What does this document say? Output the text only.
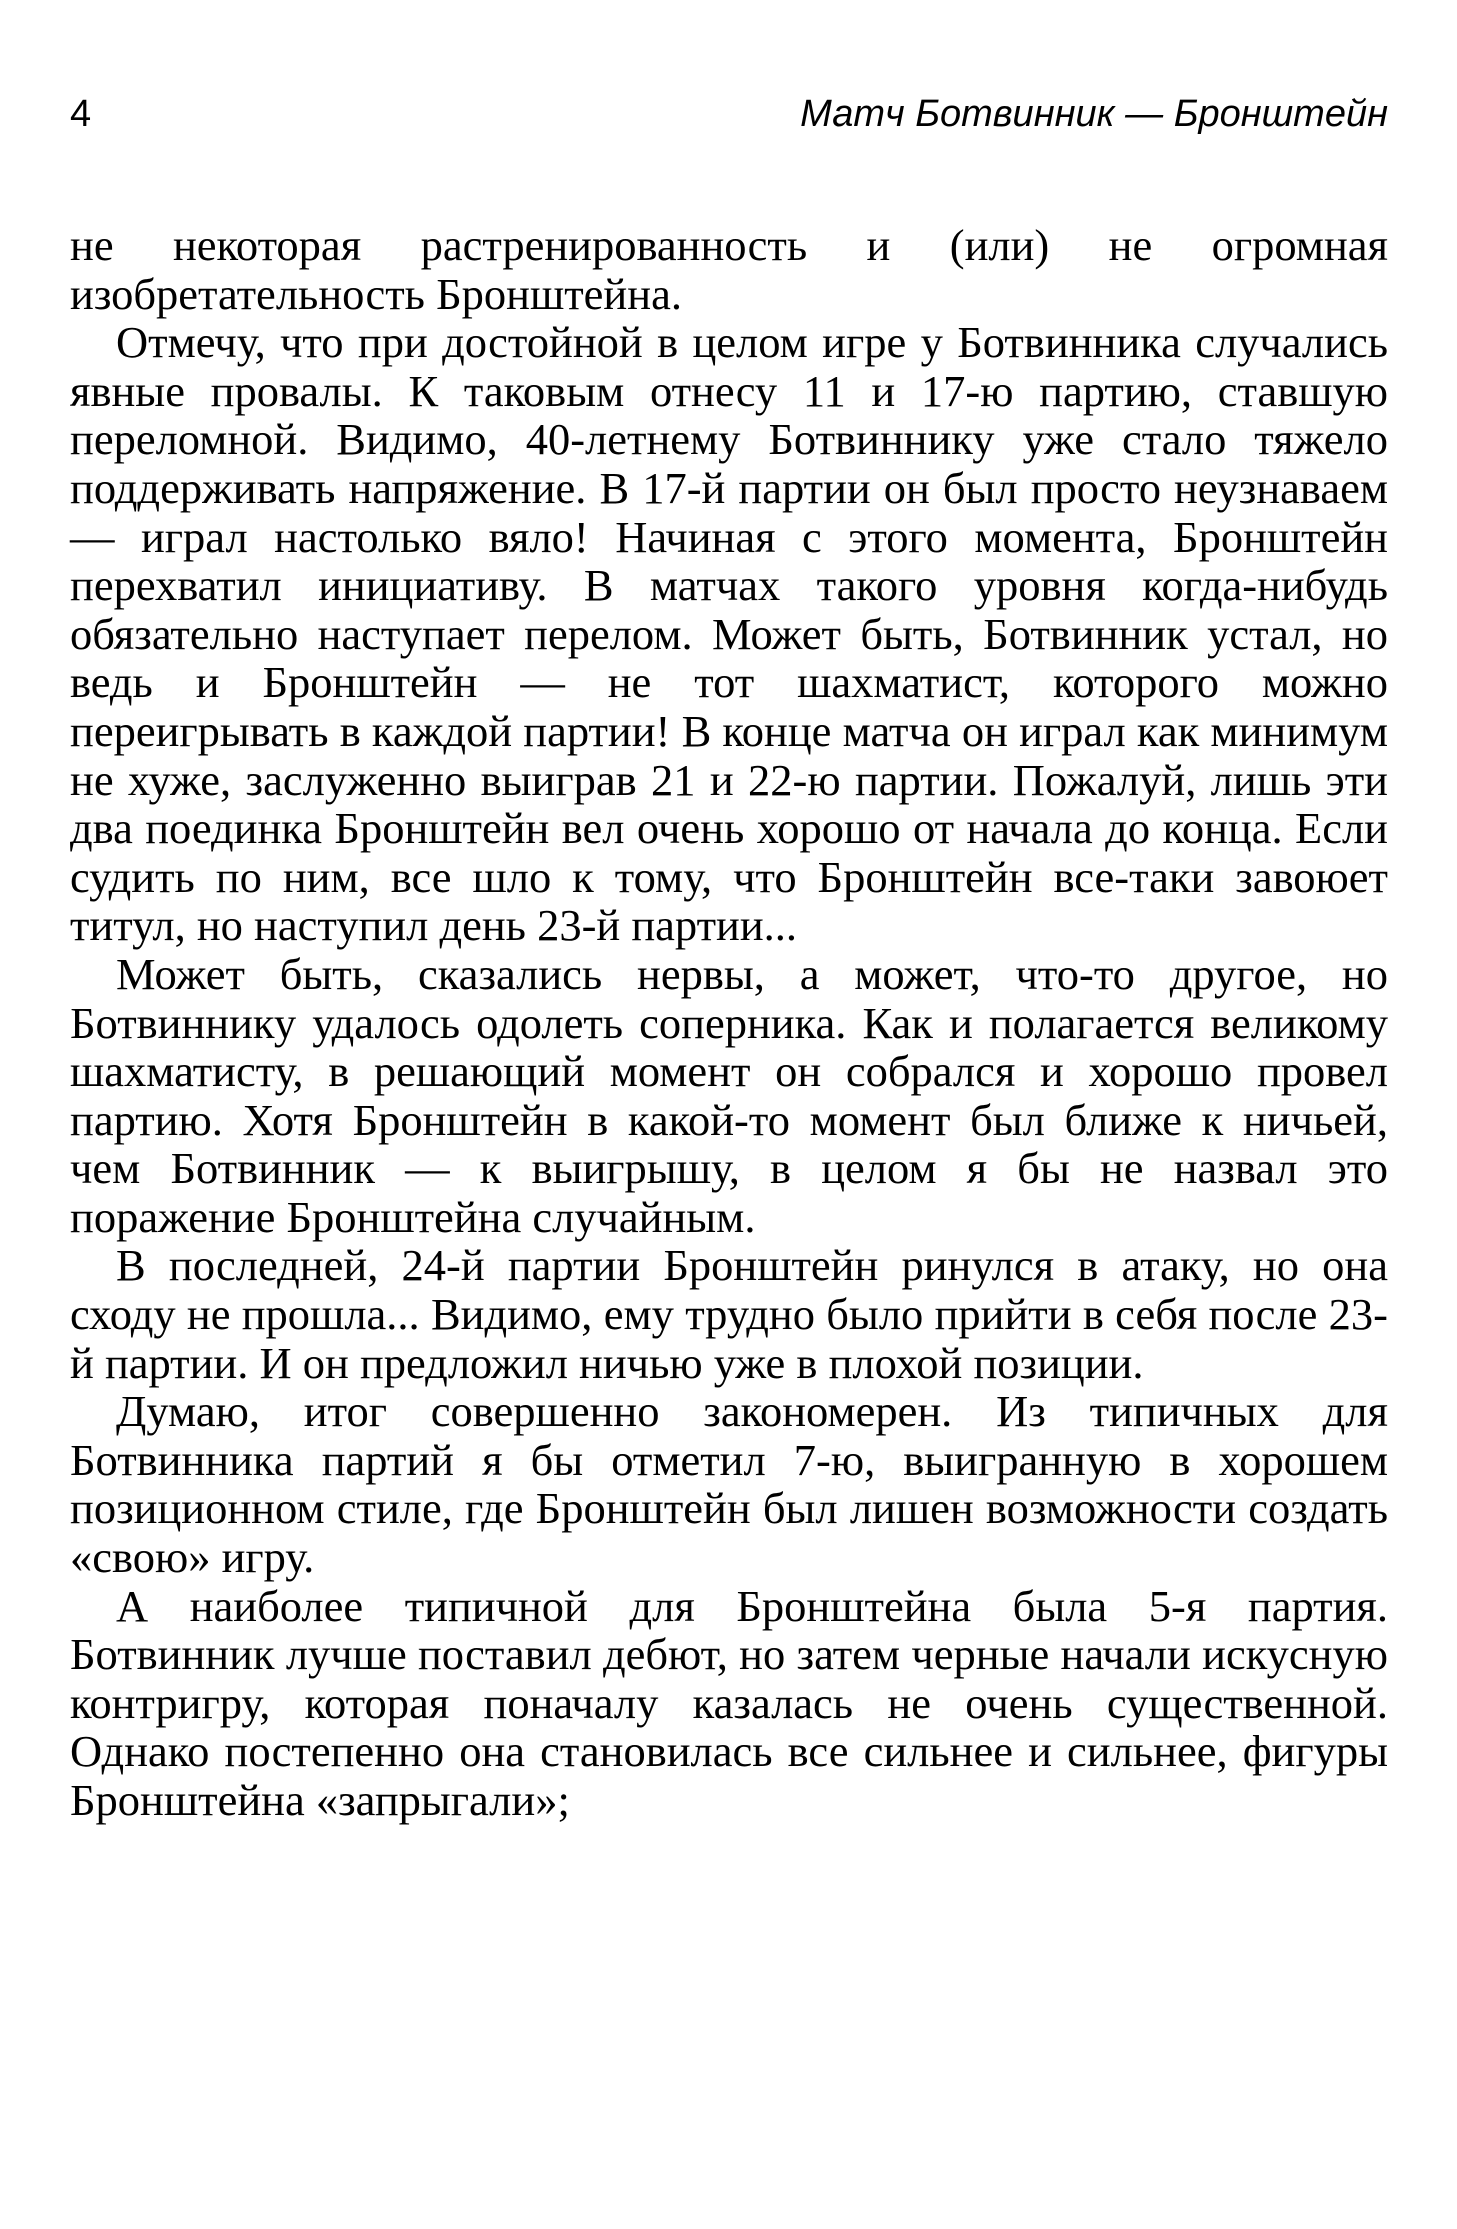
4	Матч Ботвинник — Бронштейн

не некоторая растренированность и (или) не огромная изобретательность Бронштейна.

Отмечу, что при достойной в целом игре у Ботвинника случались явные провалы. К таковым отнесу 11 и 17-ю партию, ставшую переломной. Видимо, 40-летнему Ботвиннику уже стало тяжело поддерживать напряжение. В 17-й партии он был просто неузнаваем — играл настолько вяло! Начиная с этого момента, Бронштейн перехватил инициативу. В матчах такого уровня когда-нибудь обязательно наступает перелом. Может быть, Ботвинник устал, но ведь и Бронштейн — не тот шахматист, которого можно переигрывать в каждой партии! В конце матча он играл как минимум не хуже, заслуженно выиграв 21 и 22-ю партии. Пожалуй, лишь эти два поединка Бронштейн вел очень хорошо от начала до конца. Если судить по ним, все шло к тому, что Бронштейн все-таки завоюет титул, но наступил день 23-й партии...

Может быть, сказались нервы, а может, что-то другое, но Ботвиннику удалось одолеть соперника. Как и полагается великому шахматисту, в решающий момент он собрался и хорошо провел партию. Хотя Бронштейн в какой-то момент был ближе к ничьей, чем Ботвинник — к выигрышу, в целом я бы не назвал это поражение Бронштейна случайным.

В последней, 24-й партии Бронштейн ринулся в атаку, но она сходу не прошла... Видимо, ему трудно было прийти в себя после 23-й партии. И он предложил ничью уже в плохой позиции.

Думаю, итог совершенно закономерен. Из типичных для Ботвинника партий я бы отметил 7-ю, выигранную в хорошем позиционном стиле, где Бронштейн был лишен возможности создать «свою» игру.

А наиболее типичной для Бронштейна была 5-я партия. Ботвинник лучше поставил дебют, но затем черные начали искусную контригру, которая поначалу казалась не очень существенной. Однако постепенно она становилась все сильнее и сильнее, фигуры Бронштейна «запрыгали»;
